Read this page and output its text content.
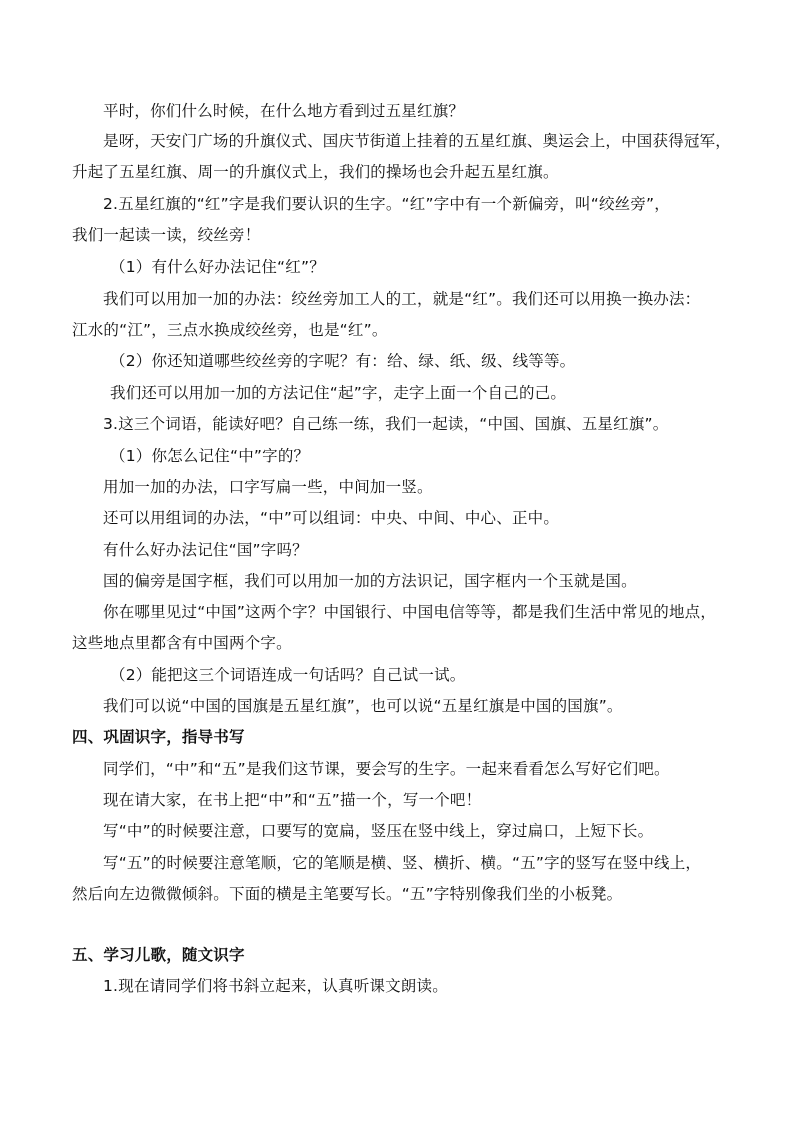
平时，你们什么时候，在什么地方看到过五星红旗？
是呀，天安门广场的升旗仪式、国庆节街道上挂着的五星红旗、奥运会上，中国获得冠军，
升起了五星红旗、周一的升旗仪式上，我们的操场也会升起五星红旗。
2.五星红旗的“红”字是我们要认识的生字。“红”字中有一个新偏旁，叫“绞丝旁”，
我们一起读一读，绞丝旁！
（1）有什么好办法记住“红”？
我们可以用加一加的办法：绞丝旁加工人的工，就是“红”。我们还可以用换一换办法：
江水的“江”，三点水换成绞丝旁，也是“红”。
（2）你还知道哪些绞丝旁的字呢？有：给、绿、纸、级、线等等。
我们还可以用加一加的方法记住“起”字，走字上面一个自己的己。
3.这三个词语，能读好吧？自己练一练，我们一起读，“中国、国旗、五星红旗”。
（1）你怎么记住“中”字的？
用加一加的办法，口字写扁一些，中间加一竖。
还可以用组词的办法，“中”可以组词：中央、中间、中心、正中。
有什么好办法记住“国”字吗？
国的偏旁是国字框，我们可以用加一加的方法识记，国字框内一个玉就是国。
你在哪里见过“中国”这两个字？中国银行、中国电信等等，都是我们生活中常见的地点，
这些地点里都含有中国两个字。
（2）能把这三个词语连成一句话吗？自己试一试。
我们可以说“中国的国旗是五星红旗”，也可以说“五星红旗是中国的国旗”。
四、巩固识字，指导书写
同学们，“中”和“五”是我们这节课，要会写的生字。一起来看看怎么写好它们吧。
现在请大家，在书上把“中”和“五”描一个，写一个吧！
写“中”的时候要注意，口要写的宽扁，竖压在竖中线上，穿过扁口，上短下长。
写“五”的时候要注意笔顺，它的笔顺是横、竖、横折、横。“五”字的竖写在竖中线上，
然后向左边微微倾斜。下面的横是主笔要写长。“五”字特别像我们坐的小板凳。
五、学习儿歌，随文识字
1.现在请同学们将书斜立起来，认真听课文朗读。
